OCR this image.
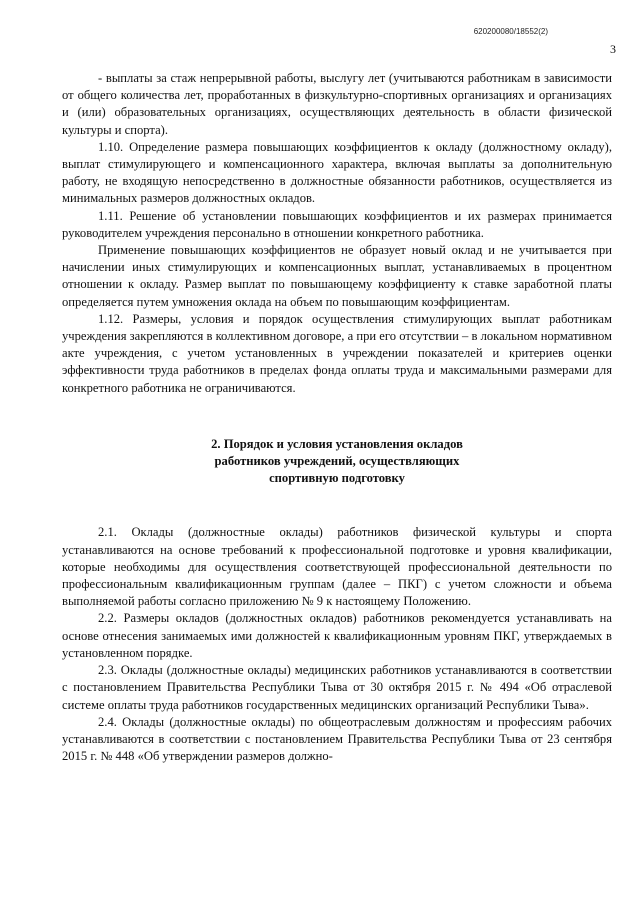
620200080/18552(2)
3

- выплаты за стаж непрерывной работы, выслугу лет (учитываются работникам в зависимости от общего количества лет, проработанных в физкультурно-спортивных организациях и организациях и (или) образовательных организациях, осуществляющих деятельность в области физической культуры и спорта).

1.10. Определение размера повышающих коэффициентов к окладу (должностному окладу), выплат стимулирующего и компенсационного характера, включая выплаты за дополнительную работу, не входящую непосредственно в должностные обязанности работников, осуществляется из минимальных размеров должностных окладов.

1.11. Решение об установлении повышающих коэффициентов и их размерах принимается руководителем учреждения персонально в отношении конкретного работника.

Применение повышающих коэффициентов не образует новый оклад и не учитывается при начислении иных стимулирующих и компенсационных выплат, устанавливаемых в процентном отношении к окладу. Размер выплат по повышающему коэффициенту к ставке заработной платы определяется путем умножения оклада на объем по повышающим коэффициентам.

1.12. Размеры, условия и порядок осуществления стимулирующих выплат работникам учреждения закрепляются в коллективном договоре, а при его отсутствии – в локальном нормативном акте учреждения, с учетом установленных в учреждении показателей и критериев оценки эффективности труда работников в пределах фонда оплаты труда и максимальными размерами для конкретного работника не ограничиваются.

2. Порядок и условия установления окладов
работников учреждений, осуществляющих
спортивную подготовку

2.1. Оклады (должностные оклады) работников физической культуры и спорта устанавливаются на основе требований к профессиональной подготовке и уровня квалификации, которые необходимы для осуществления соответствующей профессиональной деятельности по профессиональным квалификационным группам (далее – ПКГ) с учетом сложности и объема выполняемой работы согласно приложению № 9 к настоящему Положению.

2.2. Размеры окладов (должностных окладов) работников рекомендуется устанавливать на основе отнесения занимаемых ими должностей к квалификационным уровням ПКГ, утверждаемых в установленном порядке.

2.3. Оклады (должностные оклады) медицинских работников устанавливаются в соответствии с постановлением Правительства Республики Тыва от 30 октября 2015 г. № 494 «Об отраслевой системе оплаты труда работников государственных медицинских организаций Республики Тыва».

2.4. Оклады (должностные оклады) по общеотраслевым должностям и профессиям рабочих устанавливаются в соответствии с постановлением Правительства Республики Тыва от 23 сентября 2015 г. № 448 «Об утверждении размеров должно-
